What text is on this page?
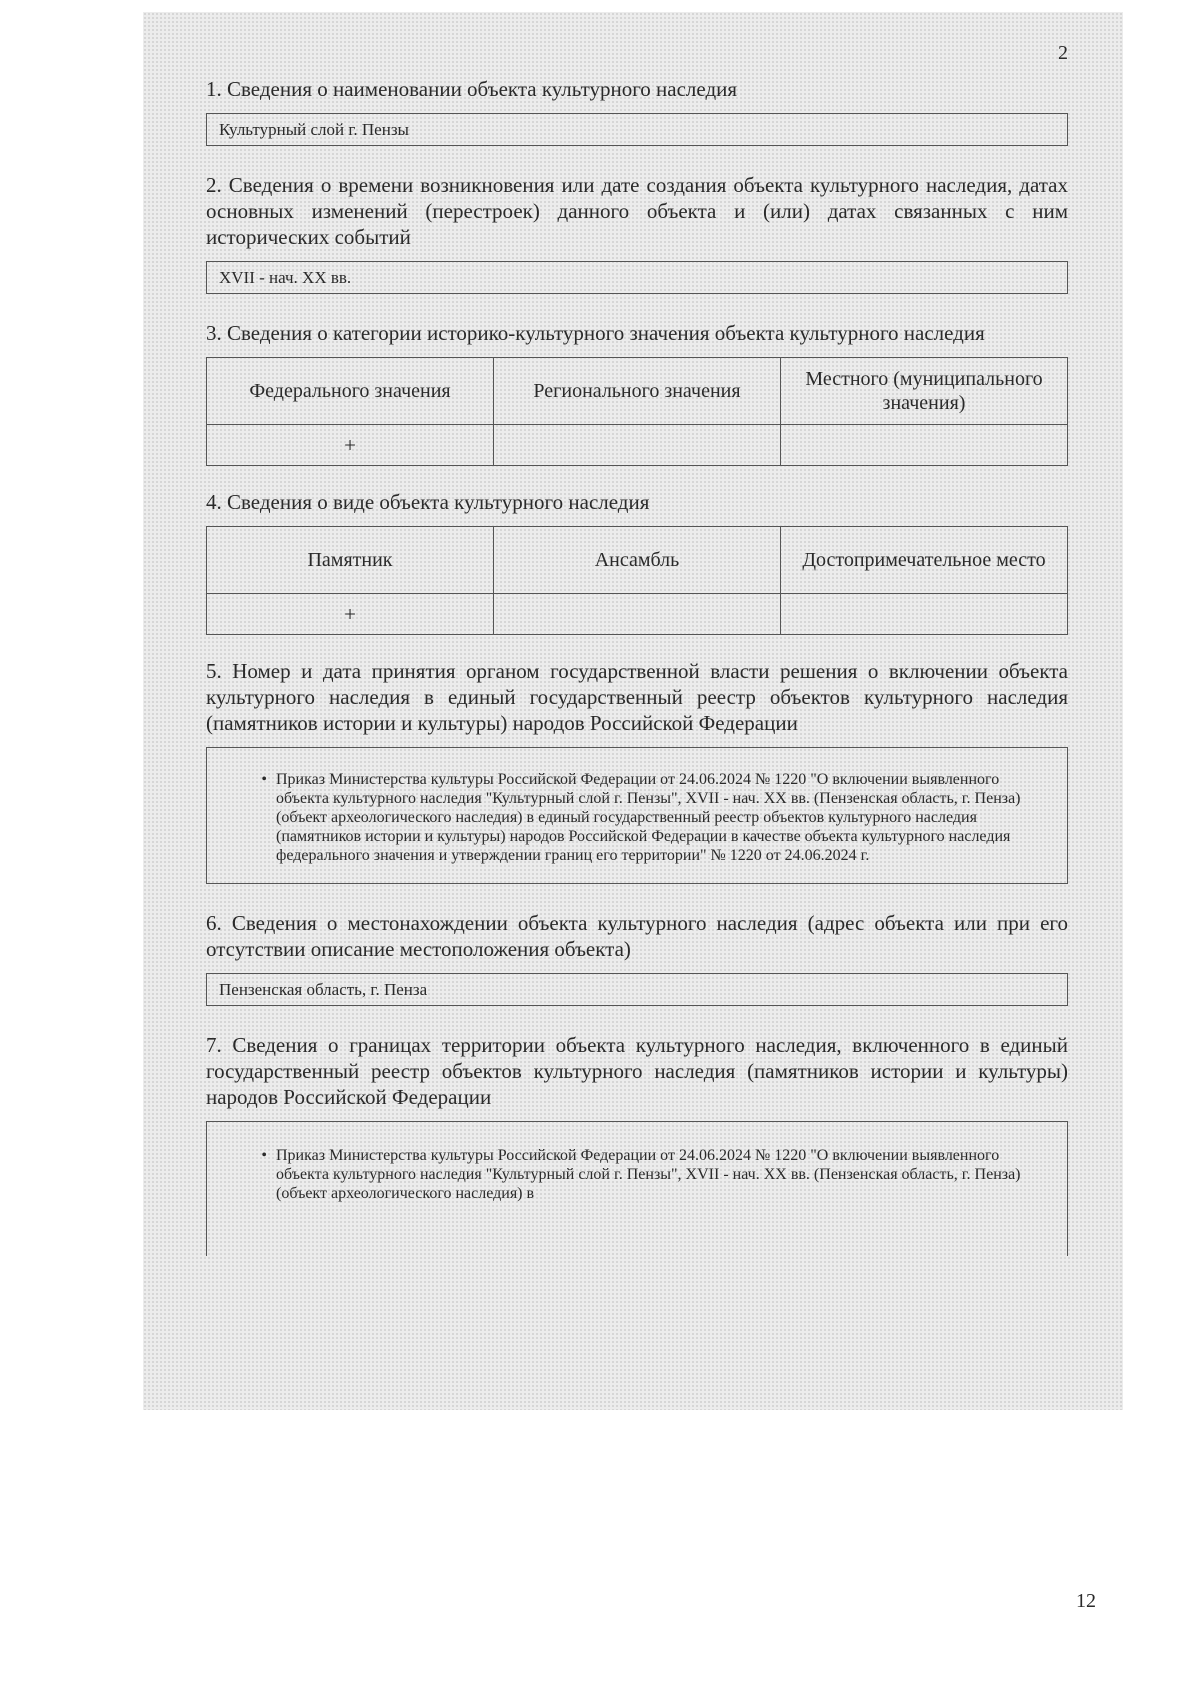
2

1. Сведения о наименовании объекта культурного наследия

Культурный слой г. Пензы

2. Сведения о времени возникновения или дате создания объекта культурного наследия, датах основных изменений (перестроек) данного объекта и (или) датах связанных с ним исторических событий

XVII - нач. XX вв.

3. Сведения о категории историко-культурного значения объекта культурного наследия

Федерального значения	Регионального значения	Местного (муниципального значения)
+		

4. Сведения о виде объекта культурного наследия

Памятник	Ансамбль	Достопримечательное место
+		

5. Номер и дата принятия органом государственной власти решения о включении объекта культурного наследия в единый государственный реестр объектов культурного наследия (памятников истории и культуры) народов Российской Федерации

• Приказ Министерства культуры Российской Федерации от 24.06.2024 № 1220 "О включении выявленного объекта культурного наследия "Культурный слой г. Пензы", XVII - нач. XX вв. (Пензенская область, г. Пенза) (объект археологического наследия) в единый государственный реестр объектов культурного наследия (памятников истории и культуры) народов Российской Федерации в качестве объекта культурного наследия федерального значения и утверждении границ его территории" № 1220 от 24.06.2024 г.

6. Сведения о местонахождении объекта культурного наследия (адрес объекта или при его отсутствии описание местоположения объекта)

Пензенская область, г. Пенза

7. Сведения о границах территории объекта культурного наследия, включенного в единый государственный реестр объектов культурного наследия (памятников истории и культуры) народов Российской Федерации

• Приказ Министерства культуры Российской Федерации от 24.06.2024 № 1220 "О включении выявленного объекта культурного наследия "Культурный слой г. Пензы", XVII - нач. XX вв. (Пензенская область, г. Пенза) (объект археологического наследия) в
12
